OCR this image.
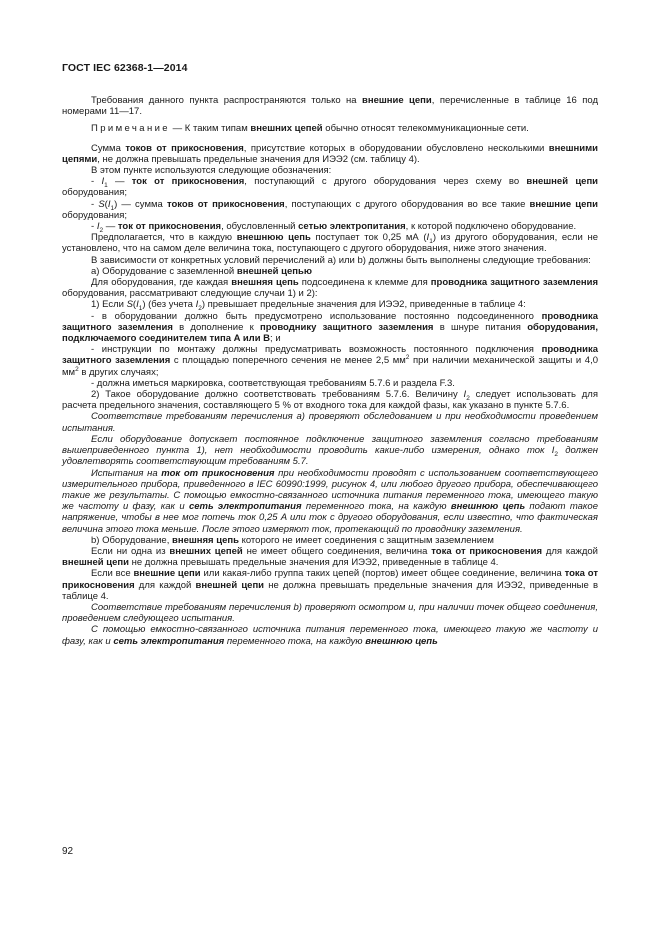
ГОСТ IEC 62368-1—2014

Требования данного пункта распространяются только на внешние цепи, перечисленные в таблице 16 под номерами 11—17.

Примечание — К таким типам внешних цепей обычно относят телекоммуникационные сети.

Сумма токов от прикосновения, присутствие которых в оборудовании обусловлено несколькими внешними цепями, не должна превышать предельные значения для ИЭЭ2 (см. таблицу 4).

В этом пункте используются следующие обозначения:

- $I_1$ — ток от прикосновения, поступающий с другого оборудования через схему во внешней цепи оборудования;

- $S(I_1)$ — сумма токов от прикосновения, поступающих с другого оборудования во все такие внешние цепи оборудования;

- $I_2$ — ток от прикосновения, обусловленный сетью электропитания, к которой подключено оборудование.

Предполагается, что в каждую внешнюю цепь поступает ток 0,25 мА $(I_1)$ из другого оборудования, если не установлено, что на самом деле величина тока, поступающего с другого оборудования, ниже этого значения.

В зависимости от конкретных условий перечислений a) или b) должны быть выполнены следующие требования:

a) Оборудование с заземленной внешней цепью

Для оборудования, где каждая внешняя цепь подсоединена к клемме для проводника защитного заземления оборудования, рассматривают следующие случаи 1) и 2):

1) Если $S(I_1)$ (без учета $I_2$) превышает предельные значения для ИЭЭ2, приведенные в таблице 4:

- в оборудовании должно быть предусмотрено использование постоянно подсоединенного проводника защитного заземления в дополнение к проводнику защитного заземления в шнуре питания оборудования, подключаемого соединителем типа A или B; и

- инструкции по монтажу должны предусматривать возможность постоянного подключения проводника защитного заземления с площадью поперечного сечения не менее 2,5 $мм^2$ при наличии механической защиты и 4,0 $мм^2$ в других случаях;

- должна иметься маркировка, соответствующая требованиям 5.7.6 и раздела F.3.

2) Такое оборудование должно соответствовать требованиям 5.7.6. Величину $I_2$ следует использовать для расчета предельного значения, составляющего 5 % от входного тока для каждой фазы, как указано в пункте 5.7.6.

Соответствие требованиям перечисления a) проверяют обследованием и при необходимости проведением испытания.

Если оборудование допускает постоянное подключение защитного заземления согласно требованиям вышеприведенного пункта 1), нет необходимости проводить какие-либо измерения, однако ток $I_2$ должен удовлетворять соответствующим требованиям 5.7.

Испытания на ток от прикосновения при необходимости проводят с использованием соответствующего измерительного прибора, приведенного в IEC 60990:1999, рисунок 4, или любого другого прибора, обеспечивающего такие же результаты. С помощью емкостно-связанного источника питания переменного тока, имеющего такую же частоту и фазу, как и сеть электропитания переменного тока, на каждую внешнюю цепь подают такое напряжение, чтобы в нее мог потечь ток 0,25 A или ток с другого оборудования, если известно, что фактическая величина этого тока меньше. После этого измеряют ток, протекающий по проводнику заземления.

b) Оборудование, внешняя цепь которого не имеет соединения с защитным заземлением

Если ни одна из внешних цепей не имеет общего соединения, величина тока от прикосновения для каждой внешней цепи не должна превышать предельные значения для ИЭЭ2, приведенные в таблице 4.

Если все внешние цепи или какая-либо группа таких цепей (портов) имеет общее соединение, величина тока от прикосновения для каждой внешней цепи не должна превышать предельные значения для ИЭЭ2, приведенные в таблице 4.

Соответствие требованиям перечисления b) проверяют осмотром и, при наличии точек общего соединения, проведением следующего испытания.

С помощью емкостно-связанного источника питания переменного тока, имеющего такую же частоту и фазу, как и сеть электропитания переменного тока, на каждую внешнюю цепь

92
